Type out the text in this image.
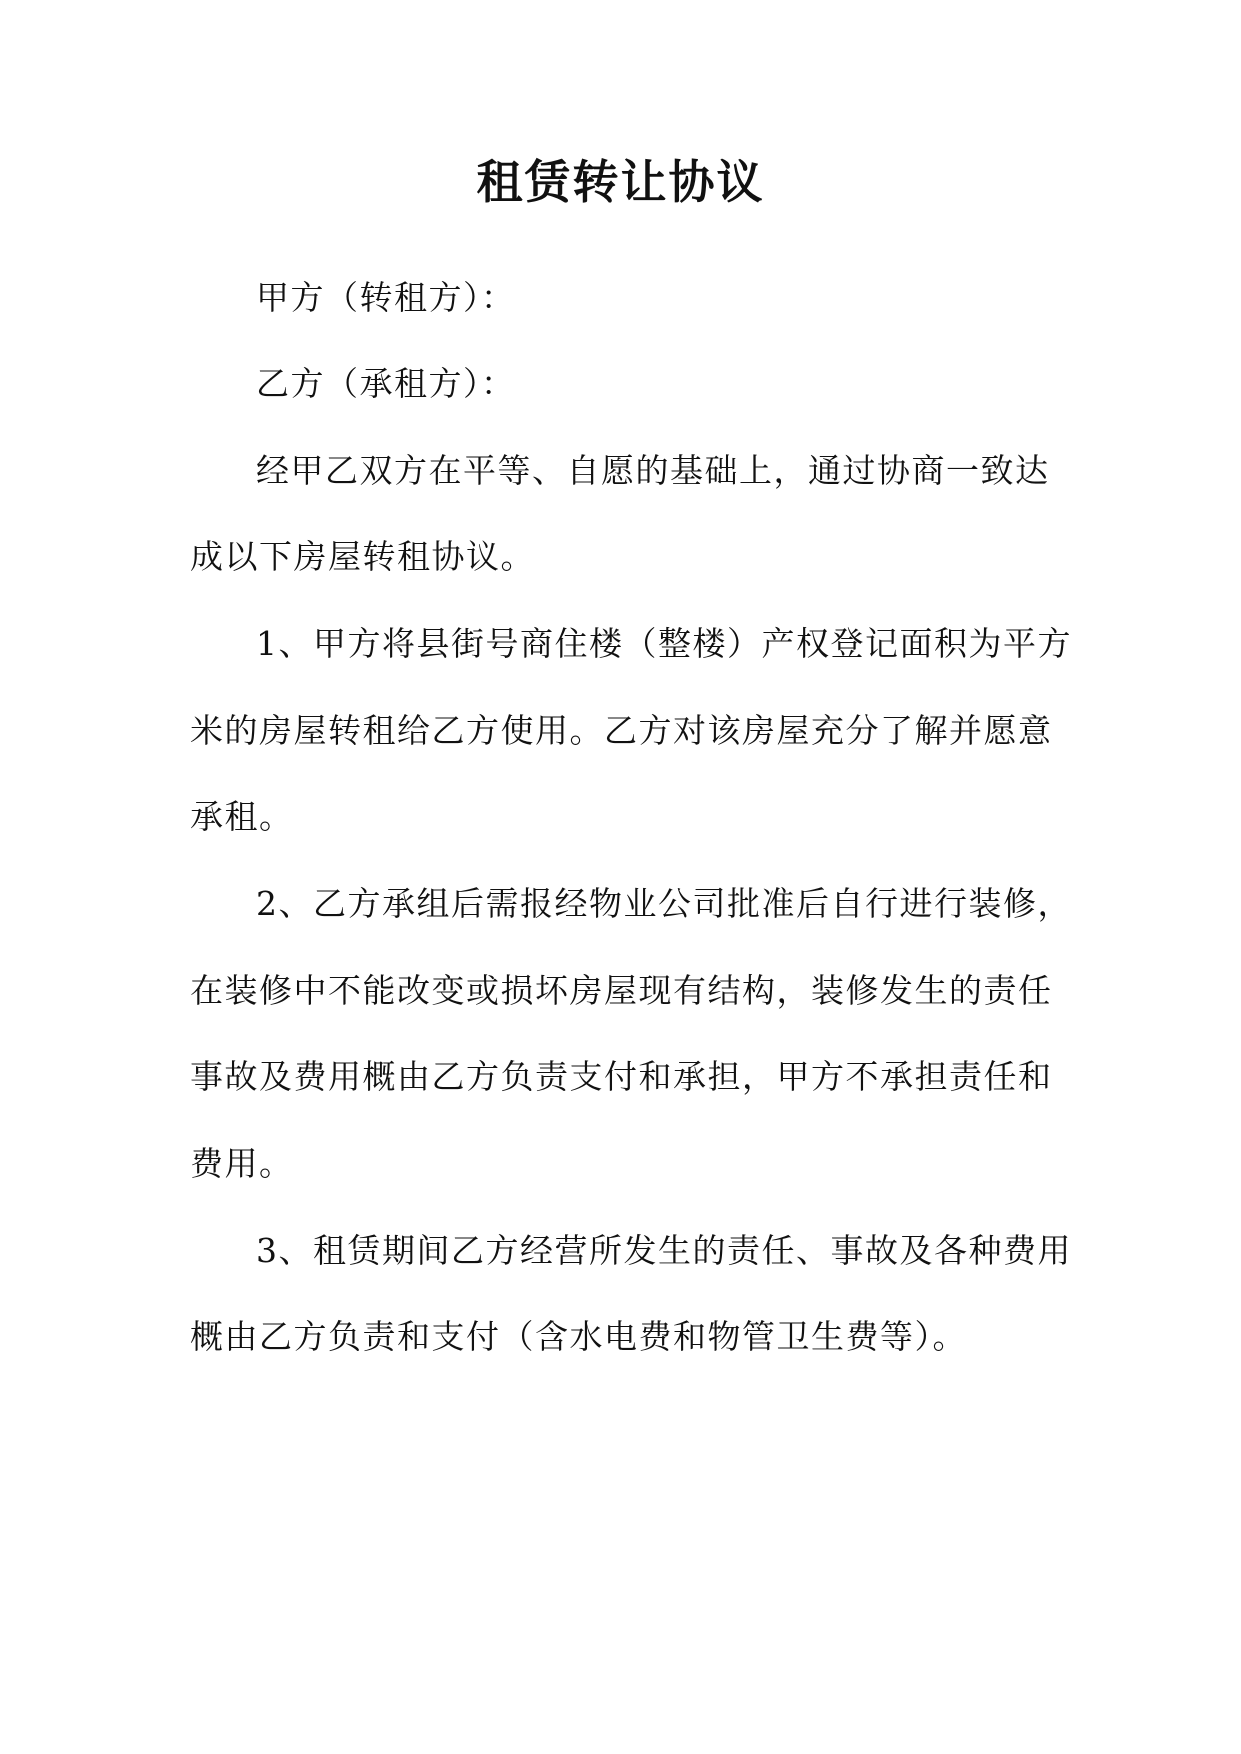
租赁转让协议

甲方（转租方）：

乙方（承租方）：

经甲乙双方在平等、自愿的基础上，通过协商一致达

成以下房屋转租协议。

1、甲方将县街号商住楼（整楼）产权登记面积为平方

米的房屋转租给乙方使用。乙方对该房屋充分了解并愿意

承租。

2、乙方承组后需报经物业公司批准后自行进行装修，

在装修中不能改变或损坏房屋现有结构，装修发生的责任

事故及费用概由乙方负责支付和承担，甲方不承担责任和

费用。

3、租赁期间乙方经营所发生的责任、事故及各种费用

概由乙方负责和支付（含水电费和物管卫生费等）。
